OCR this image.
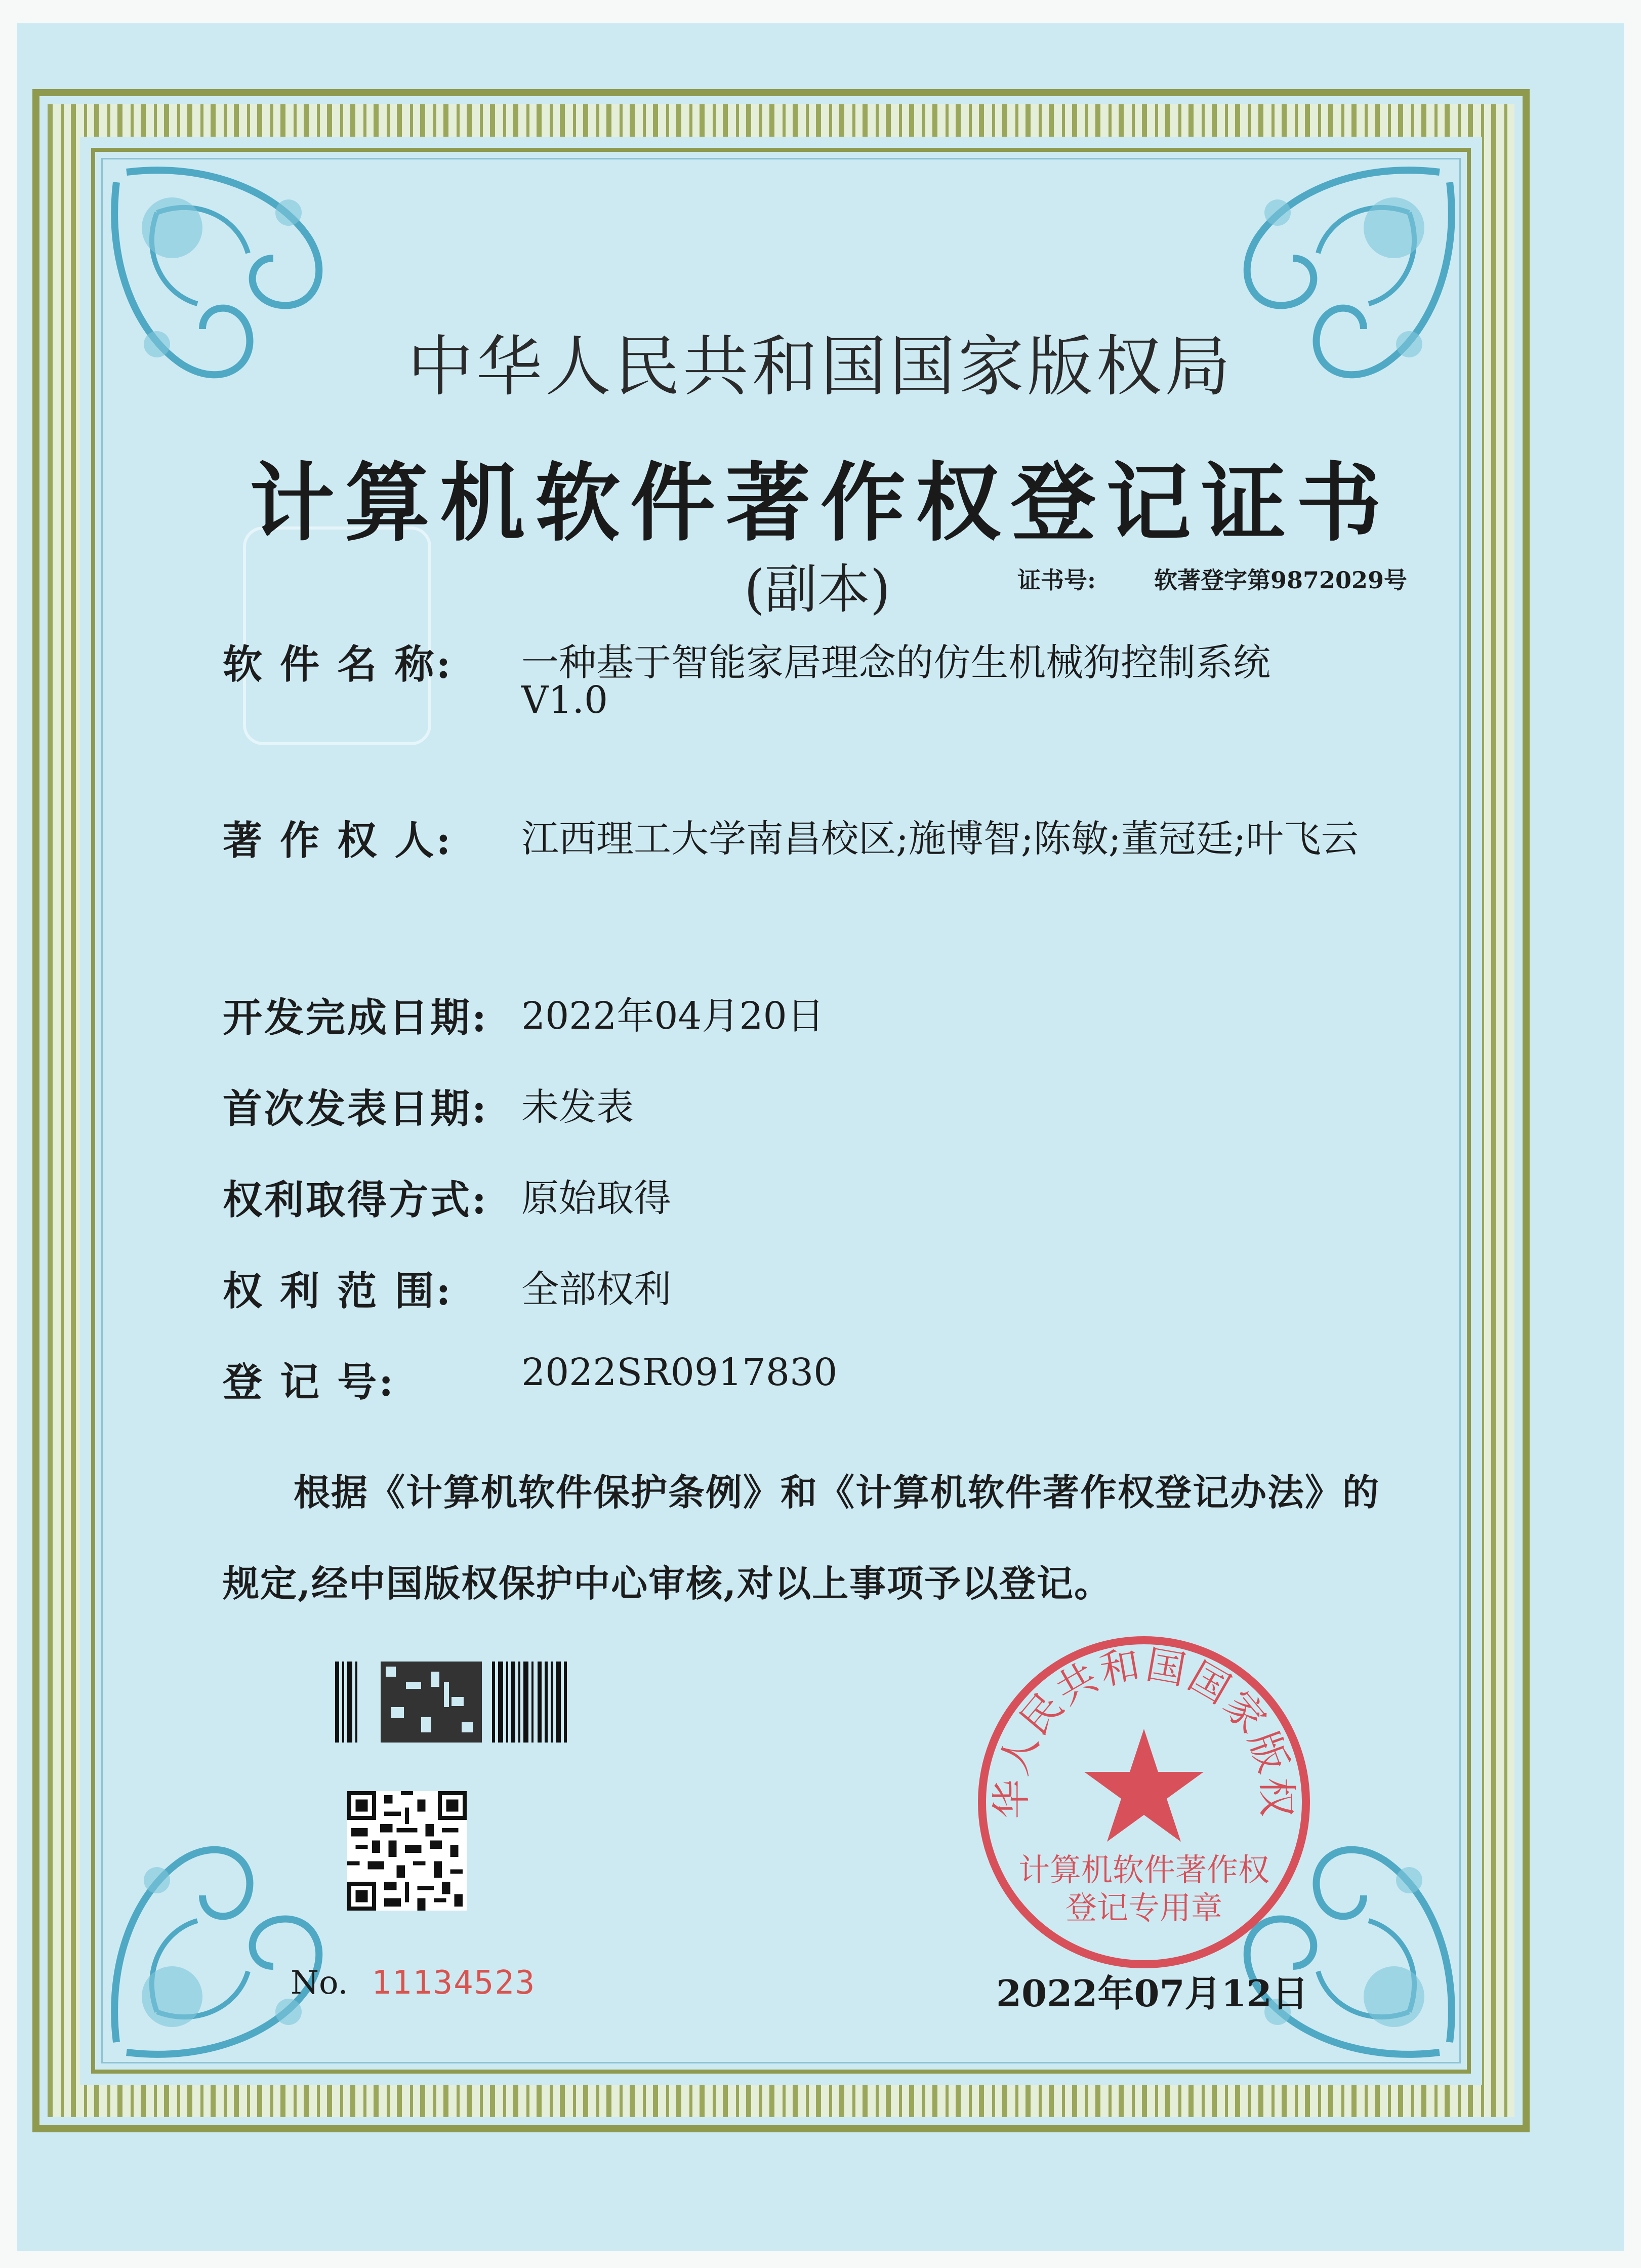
中华人民共和国国家版权局
计算机软件著作权登记证书
(副本)	证书号:	软著登字第9872029号
软 件 名 称: 一种基于智能家居理念的仿生机械狗控制系统
V1.0
著 作 权 人: 江西理工大学南昌校区;施博智;陈敏;董冠廷;叶飞云
开发完成日期: 2022年04月20日
首次发表日期: 未发表
权利取得方式: 原始取得
权 利 范 围: 全部权利
登 记 号:	2022SR0917830
根据《计算机软件保护条例》和《计算机软件著作权登记办法》的
规定,经中国版权保护中心审核,对以上事项予以登记。
No. 11134523
华人民共和国国家版权
计算机软件著作权
登记专用章
2022年07月12日
